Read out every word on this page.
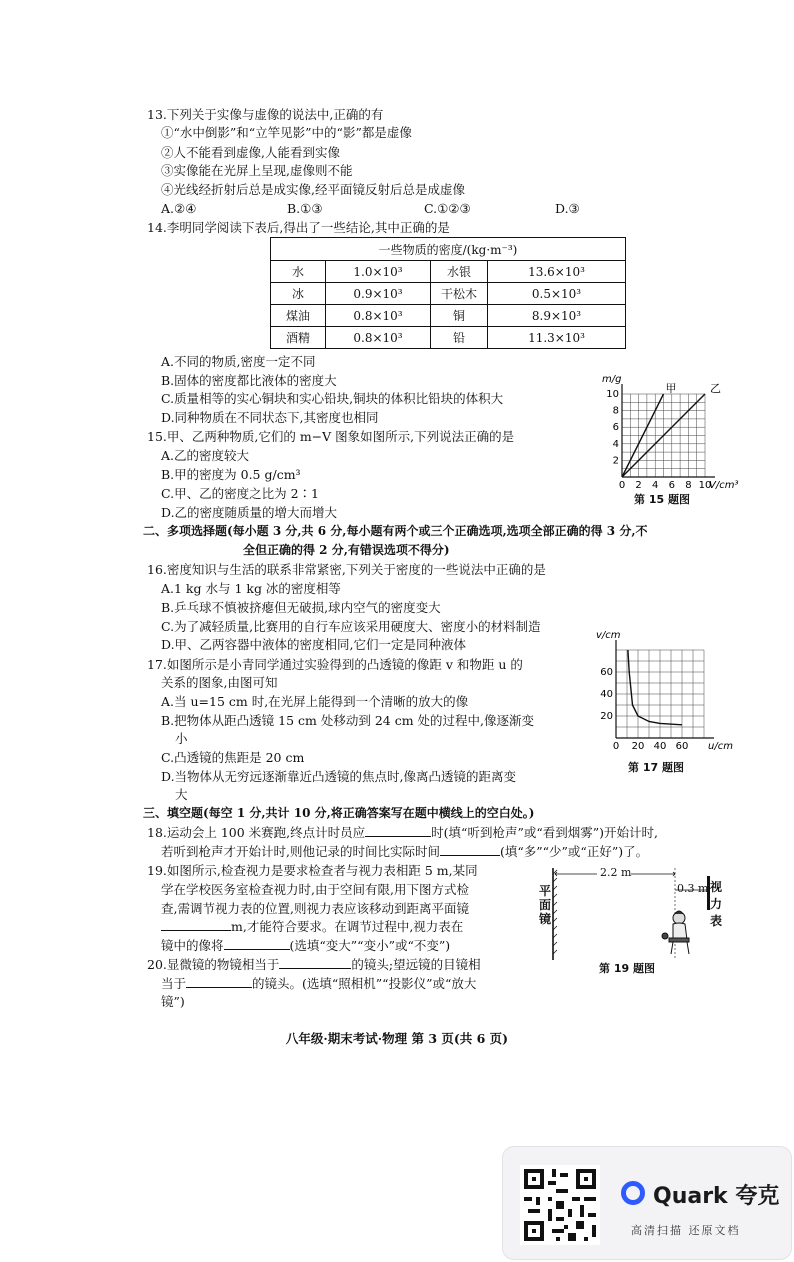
13.下列关于实像与虚像的说法中,正确的有
①“水中倒影”和“立竿见影”中的“影”都是虚像
②人不能看到虚像,人能看到实像
③实像能在光屏上呈现,虚像则不能
④光线经折射后总是成实像,经平面镜反射后总是成虚像
A.②④	B.①③	C.①②③	D.③
14.李明同学阅读下表后,得出了一些结论,其中正确的是
一些物质的密度/(kg·m⁻³)			
水	1.0×10³	水银	13.6×10³
冰	0.9×10³	干松木	0.5×10³
煤油	0.8×10³	铜	8.9×10³
酒精	0.8×10³	铅	11.3×10³
A.不同的物质,密度一定不同
B.固体的密度都比液体的密度大
C.质量相等的实心铜块和实心铅块,铜块的体积比铅块的体积大
D.同种物质在不同状态下,其密度也相同
15.甲、乙两种物质,它们的 m−V 图象如图所示,下列说法正确的是
A.乙的密度较大
B.甲的密度为 0.5 g/cm³
C.甲、乙的密度之比为 2∶1
D.乙的密度随质量的增大而增大
0 2 4 6 8 10
2
4
6
8
10
V/cm³
m/g
甲	乙
第 15 题图
二、多项选择题(每小题 3 分,共 6 分,每小题有两个或三个正确选项,选项全部正确的得 3 分,不
全但正确的得 2 分,有错误选项不得分)
16.密度知识与生活的联系非常紧密,下列关于密度的一些说法中正确的是
A.1 kg 水与 1 kg 冰的密度相等
B.乒乓球不慎被挤瘪但无破损,球内空气的密度变大
C.为了减轻质量,比赛用的自行车应该采用硬度大、密度小的材料制造
D.甲、乙两容器中液体的密度相同,它们一定是同种液体
17.如图所示是小青同学通过实验得到的凸透镜的像距 v 和物距 u 的
关系的图象,由图可知
A.当 u=15 cm 时,在光屏上能得到一个清晰的放大的像
B.把物体从距凸透镜 15 cm 处移动到 24 cm 处的过程中,像逐渐变
小
C.凸透镜的焦距是 20 cm
D.当物体从无穷远逐渐靠近凸透镜的焦点时,像离凸透镜的距离变
大
0 20 40 60
20
40
60
u/cm
v/cm
第 17 题图
三、填空题(每空 1 分,共计 10 分,将正确答案写在题中横线上的空白处。)
18.运动会上 100 米赛跑,终点计时员应	时(填“听到枪声”或“看到烟雾”)开始计时,
若听到枪声才开始计时,则他记录的时间比实际时间	(填“多”“少”或“正好”)了。
19.如图所示,检查视力是要求检查者与视力表相距 5 m,某同
学在学校医务室检查视力时,由于空间有限,用下图方式检
查,需调节视力表的位置,则视力表应该移动到距离平面镜
m,才能符合要求。在调节过程中,视力表在
镜中的像将	(选填“变大”“变小”或“不变”)
平面镜
视力表
2.2 m
0.3 m
第 19 题图
20.显微镜的物镜相当于	的镜头;望远镜的目镜相
当于	的镜头。(选填“照相机”“投影仪”或“放大
镜”)
八年级·期末考试·物理 第 3 页(共 6 页)
Quark 夸克
高清扫描 还原文档
